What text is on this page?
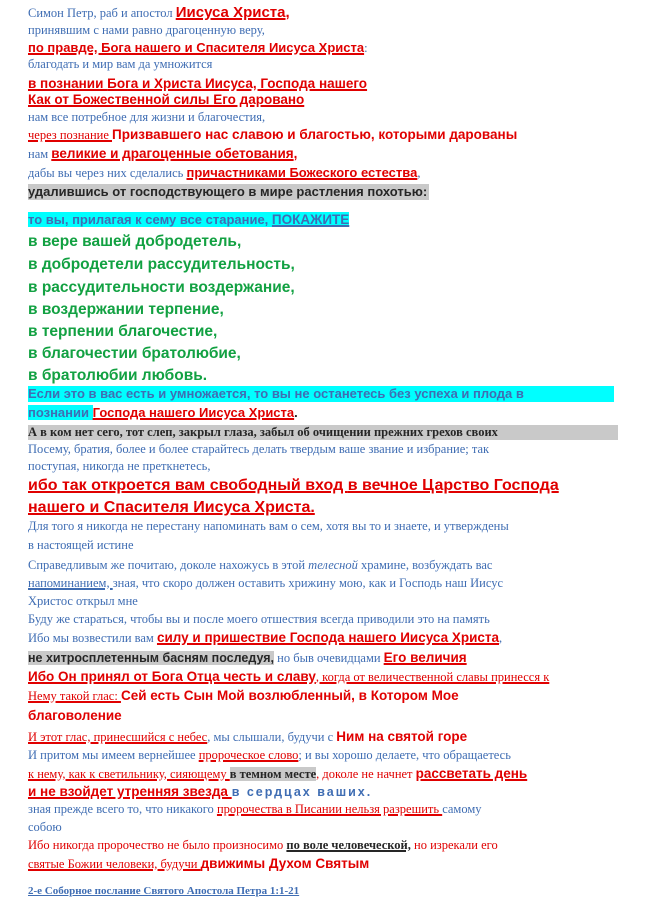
Симон Петр, раб и апостол Иисуса Христа,
принявшим с нами равно драгоценную веру,
по правде, Бога нашего и Спасителя Иисуса Христа:
благодать и мир вам да умножится
в познании Бога и Христа Иисуса, Господа нашего
Как от Божественной силы Его даровано
нам все потребное для жизни и благочестия,
через познание Призвавшего нас славою и благостью, которыми дарованы
нам великие и драгоценные обетования,
дабы вы через них сделались причастниками Божеского естества,
удалившись от господствующего в мире растления похотью:
то вы, прилагая к сему все старание, ПОКАЖИТЕ
в вере вашей добродетель,
в добродетели рассудительность,
в рассудительности воздержание,
в воздержании терпение,
в терпении благочестие,
в благочестии братолюбие,
в братолюбии любовь.
Если это в вас есть и умножается, то вы не останетесь без успеха и плода в
познании Господа нашего Иисуса Христа.
А в ком нет сего, тот слеп, закрыл глаза, забыл об очищении прежних грехов своих
Посему, братия, более и более старайтесь делать твердым ваше звание и избрание; так
поступая, никогда не преткнетесь,
ибо так откроется вам свободный вход в вечное Царство Господа
нашего и Спасителя Иисуса Христа.
Для того я никогда не перестану напоминать вам о сем, хотя вы то и знаете, и утверждены
в настоящей истине
Справедливым же почитаю, доколе нахожусь в этой телесной храмине, возбуждать вас
напоминанием, зная, что скоро должен оставить хрижину мою, как и Господь наш Иисус
Христос открыл мне
Буду же стараться, чтобы вы и после моего отшествия всегда приводили это на память
Ибо мы возвестили вам силу и пришествие Господа нашего Иисуса Христа,
не хитросплетенным басням последуя, но быв очевидцами Его величия
Ибо Он принял от Бога Отца честь и славу, когда от величественной славы принесся к
Нему такой глас: Сей есть Сын Мой возлюбленный, в Котором Мое
благоволение
И этот глас, принесшийся с небес, мы слышали, будучи с Ним на святой горе
И притом мы имеем вернейшее пророческое слово; и вы хорошо делаете, что обращаетесь
к нему, как к светильнику, сияющему в темном месте, доколе не начнет рассветать день
и не взойдет утренняя звезда в сердцах ваших.
зная прежде всего то, что никакого пророчества в Писании нельзя разрешить самому
собою
Ибо никогда пророчество не было произносимо по воле человеческой, но изрекали его
святые Божии человеки, будучи движимы Духом Святым
2-е Соборное послание Святого Апостола Петра 1:1-21
